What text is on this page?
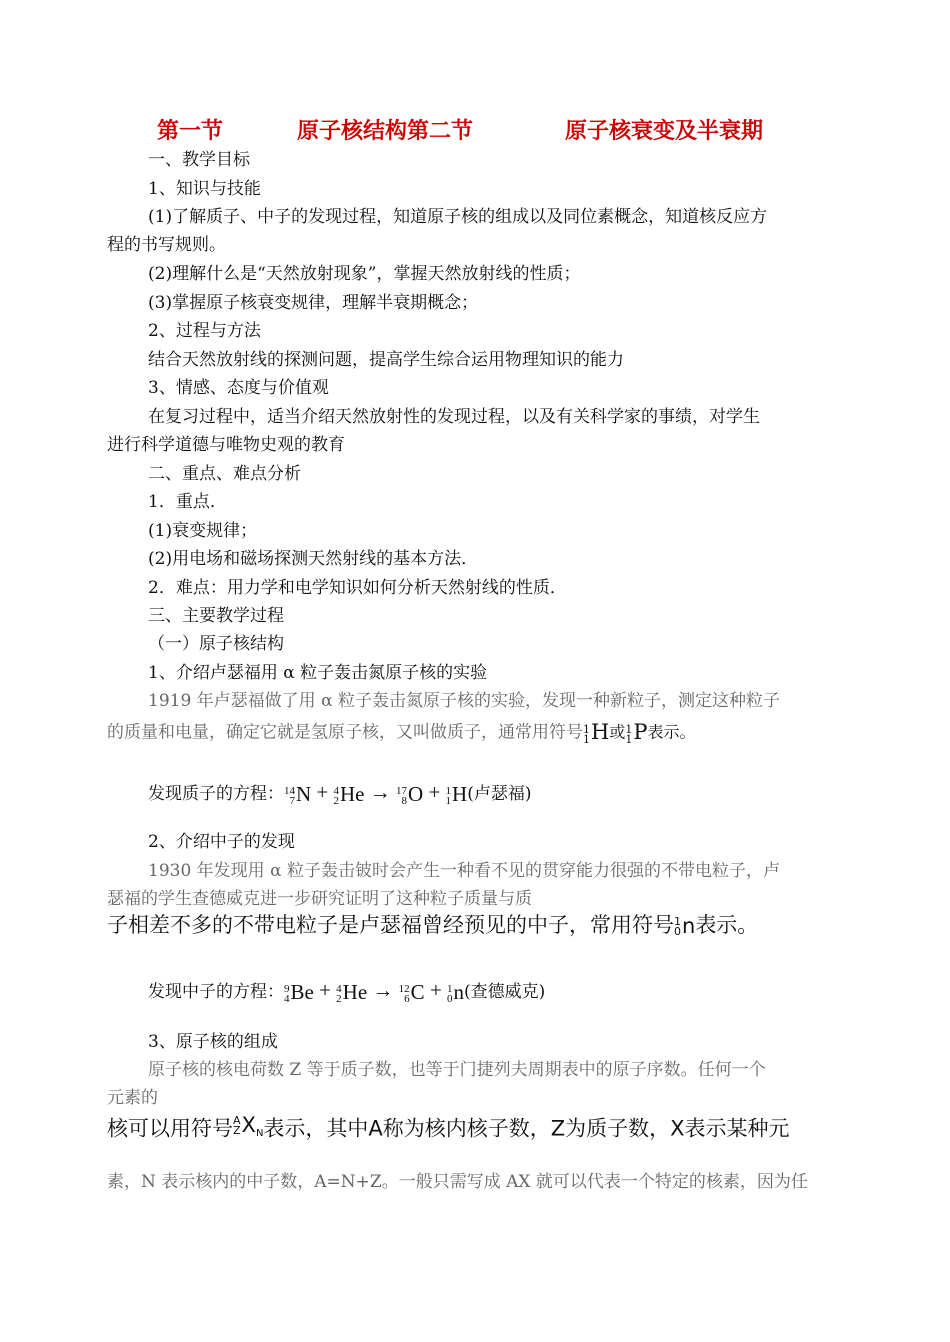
第一节	原子核结构第二节	原子核衰变及半衰期
一、教学目标
1、知识与技能
(1)了解质子、中子的发现过程，知道原子核的组成以及同位素概念，知道核反应方
程的书写规则。
(2)理解什么是“天然放射现象”，掌握天然放射线的性质；
(3)掌握原子核衰变规律，理解半衰期概念；
2、过程与方法
结合天然放射线的探测问题，提高学生综合运用物理知识的能力
3、情感、态度与价值观
在复习过程中，适当介绍天然放射性的发现过程，以及有关科学家的事绩，对学生
进行科学道德与唯物史观的教育
二、重点、难点分析
1．重点．
(1)衰变规律；
(2)用电场和磁场探测天然射线的基本方法．
2．难点：用力学和电学知识如何分析天然射线的性质．
三、主要教学过程
（一）原子核结构
1、介绍卢瑟福用 α 粒子轰击氮原子核的实验
1919 年卢瑟福做了用 α 粒子轰击氮原子核的实验，发现一种新粒子，测定这种粒子
的质量和电量，确定它就是氢原子核，又叫做质子，通常用符号 1
1 H或 1
1 P表示。
发现质子的方程： 14
7 N + 4
2 He → 17
8 O + 1
1 H(卢瑟福)
2、介绍中子的发现
1930 年发现用 α 粒子轰击铍时会产生一种看不见的贯穿能力很强的不带电粒子，卢
瑟福的学生查德威克进一步研究证明了这种粒子质量与质
子相差不多的不带电粒子是卢瑟福曾经预见的中子，常用符号 1
0 n表示。
发现中子的方程： 9
4 Be + 4
2 He → 12
6 C + 1
0 n(查德威克)
3、原子核的组成
原子核的核电荷数 Z 等于质子数，也等于门捷列夫周期表中的原子序数。任何一个
元素的
核可以用符号 A
Z XN表示，其中A称为核内核子数，Z为质子数，X表示某种元
素，N 表示核内的中子数，A=N+Z。一般只需写成 AX 就可以代表一个特定的核素，因为任
